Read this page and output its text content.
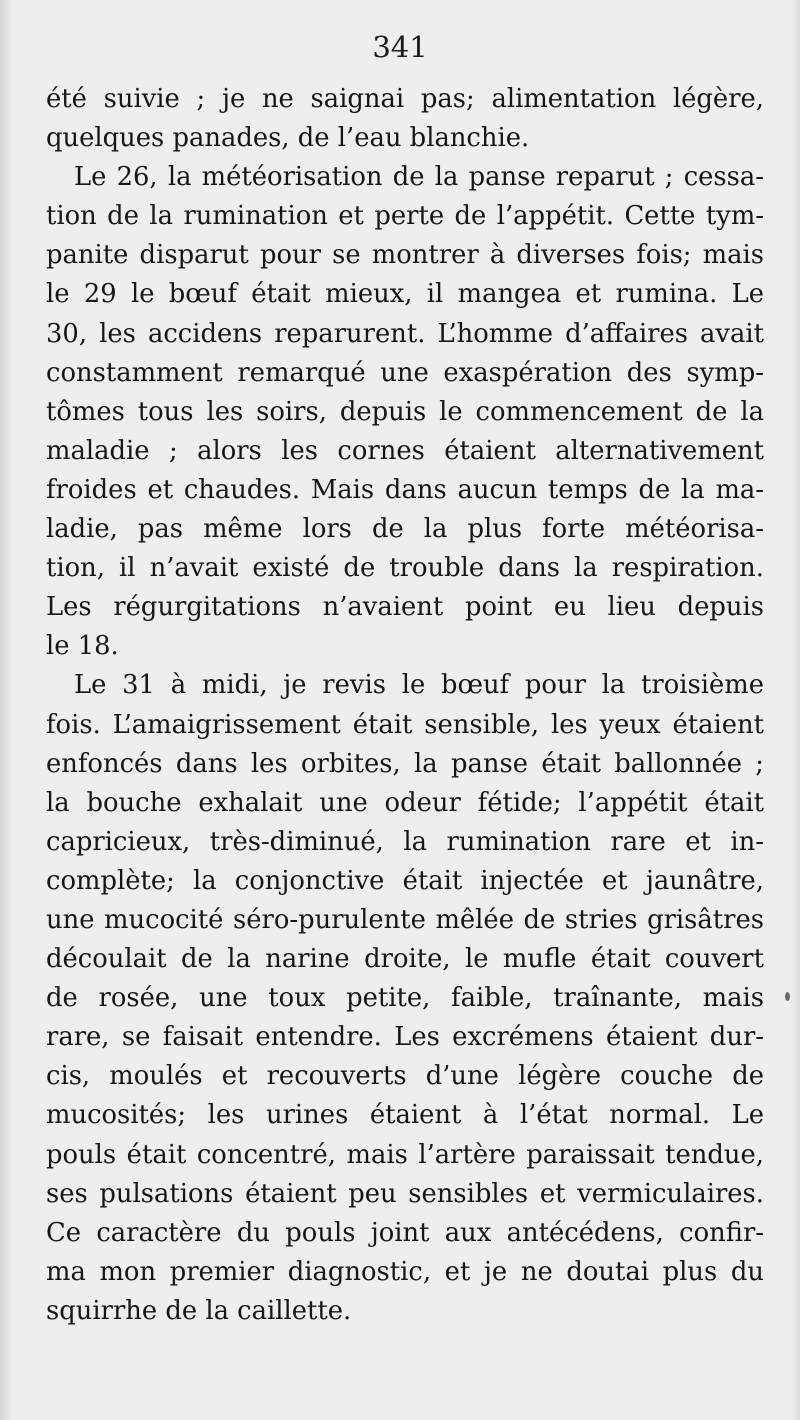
341
été suivie ; je ne saignai pas; alimentation légère,
quelques panades, de l’eau blanchie.
Le 26, la météorisation de la panse reparut ; cessa-
tion de la rumination et perte de l’appétit. Cette tym-
panite disparut pour se montrer à diverses fois; mais
le 29 le bœuf était mieux, il mangea et rumina. Le
30, les accidens reparurent. L’homme d’affaires avait
constamment remarqué une exaspération des symp-
tômes tous les soirs, depuis le commencement de la
maladie ; alors les cornes étaient alternativement
froides et chaudes. Mais dans aucun temps de la ma-
ladie, pas même lors de la plus forte météorisa-
tion, il n’avait existé de trouble dans la respiration.
Les régurgitations n’avaient point eu lieu depuis
le 18.
Le 31 à midi, je revis le bœuf pour la troisième
fois. L’amaigrissement était sensible, les yeux étaient
enfoncés dans les orbites, la panse était ballonnée ;
la bouche exhalait une odeur fétide; l’appétit était
capricieux, très-diminué, la rumination rare et in-
complète; la conjonctive était injectée et jaunâtre,
une mucocité séro-purulente mêlée de stries grisâtres
découlait de la narine droite, le mufle était couvert
de rosée, une toux petite, faible, traînante, mais
rare, se faisait entendre. Les excrémens étaient dur-
cis, moulés et recouverts d’une légère couche de
mucosités; les urines étaient à l’état normal. Le
pouls était concentré, mais l’artère paraissait tendue,
ses pulsations étaient peu sensibles et vermiculaires.
Ce caractère du pouls joint aux antécédens, confir-
ma mon premier diagnostic, et je ne doutai plus du
squirrhe de la caillette.
